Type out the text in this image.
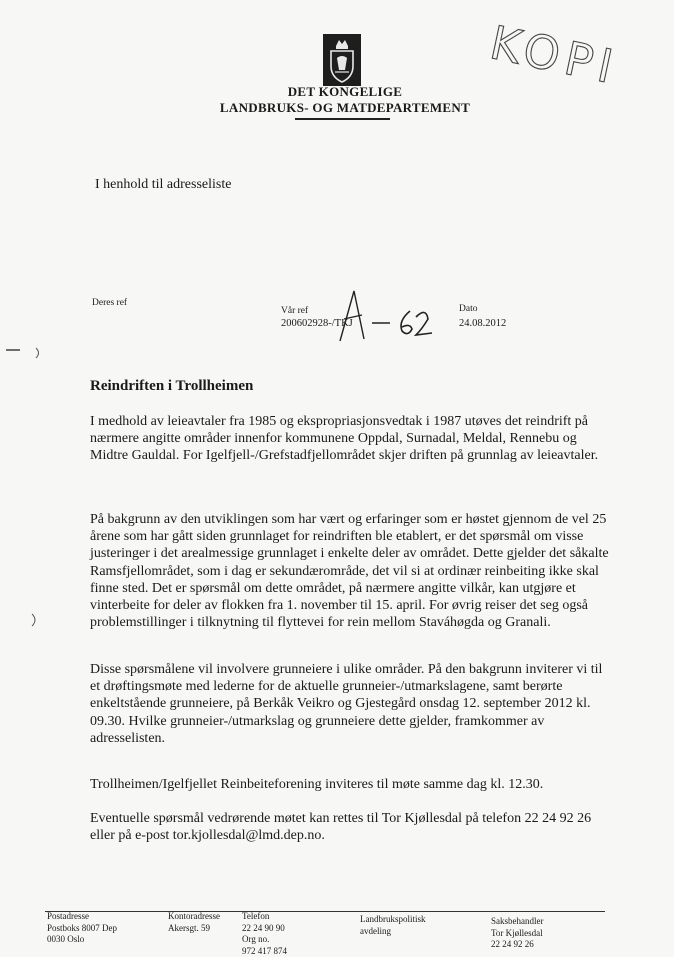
KOPI
DET KONGELIGE
LANDBRUKS- OG MATDEPARTEMENT
I henhold til adresseliste
Deres ref
Vår ref
200602928-/TKJ
Dato
24.08.2012
Reindriften i Trollheimen
I medhold av leieavtaler fra 1985 og ekspropriasjonsvedtak i 1987 utøves det reindrift på nærmere angitte områder innenfor kommunene Oppdal, Surnadal, Meldal, Rennebu og Midtre Gauldal. For Igelfjell-/Grefstadfjellområdet skjer driften på grunnlag av leieavtaler.
På bakgrunn av den utviklingen som har vært og erfaringer som er høstet gjennom de vel 25 årene som har gått siden grunnlaget for reindriften ble etablert, er det spørsmål om visse justeringer i det arealmessige grunnlaget i enkelte deler av området. Dette gjelder det såkalte Ramsfjellområdet, som i dag er sekundærområde, det vil si at ordinær reinbeiting ikke skal finne sted. Det er spørsmål om dette området, på nærmere angitte vilkår, kan utgjøre et vinterbeite for deler av flokken fra 1. november til 15. april. For øvrig reiser det seg også problemstillinger i tilknytning til flyttevei for rein mellom Staváhøgda og Granali.
Disse spørsmålene vil involvere grunneiere i ulike områder. På den bakgrunn inviterer vi til et drøftingsmøte med lederne for de aktuelle grunneier-/utmarkslagene, samt berørte enkeltstående grunneiere, på Berkåk Veikro og Gjestegård onsdag 12. september 2012 kl. 09.30. Hvilke grunneier-/utmarkslag og grunneiere dette gjelder, framkommer av adresselisten.
Trollheimen/Igelfjellet Reinbeiteforening inviteres til møte samme dag kl. 12.30.
Eventuelle spørsmål vedrørende møtet kan rettes til Tor Kjøllesdal på telefon 22 24 92 26 eller på e-post tor.kjollesdal@lmd.dep.no.
Postadresse
Postboks 8007 Dep
0030 Oslo
Kontoradresse
Akersgt. 59
Telefon
22 24 90 90
Org no.
972 417 874
Landbrukspolitisk
avdeling
Saksbehandler
Tor Kjøllesdal
22 24 92 26
